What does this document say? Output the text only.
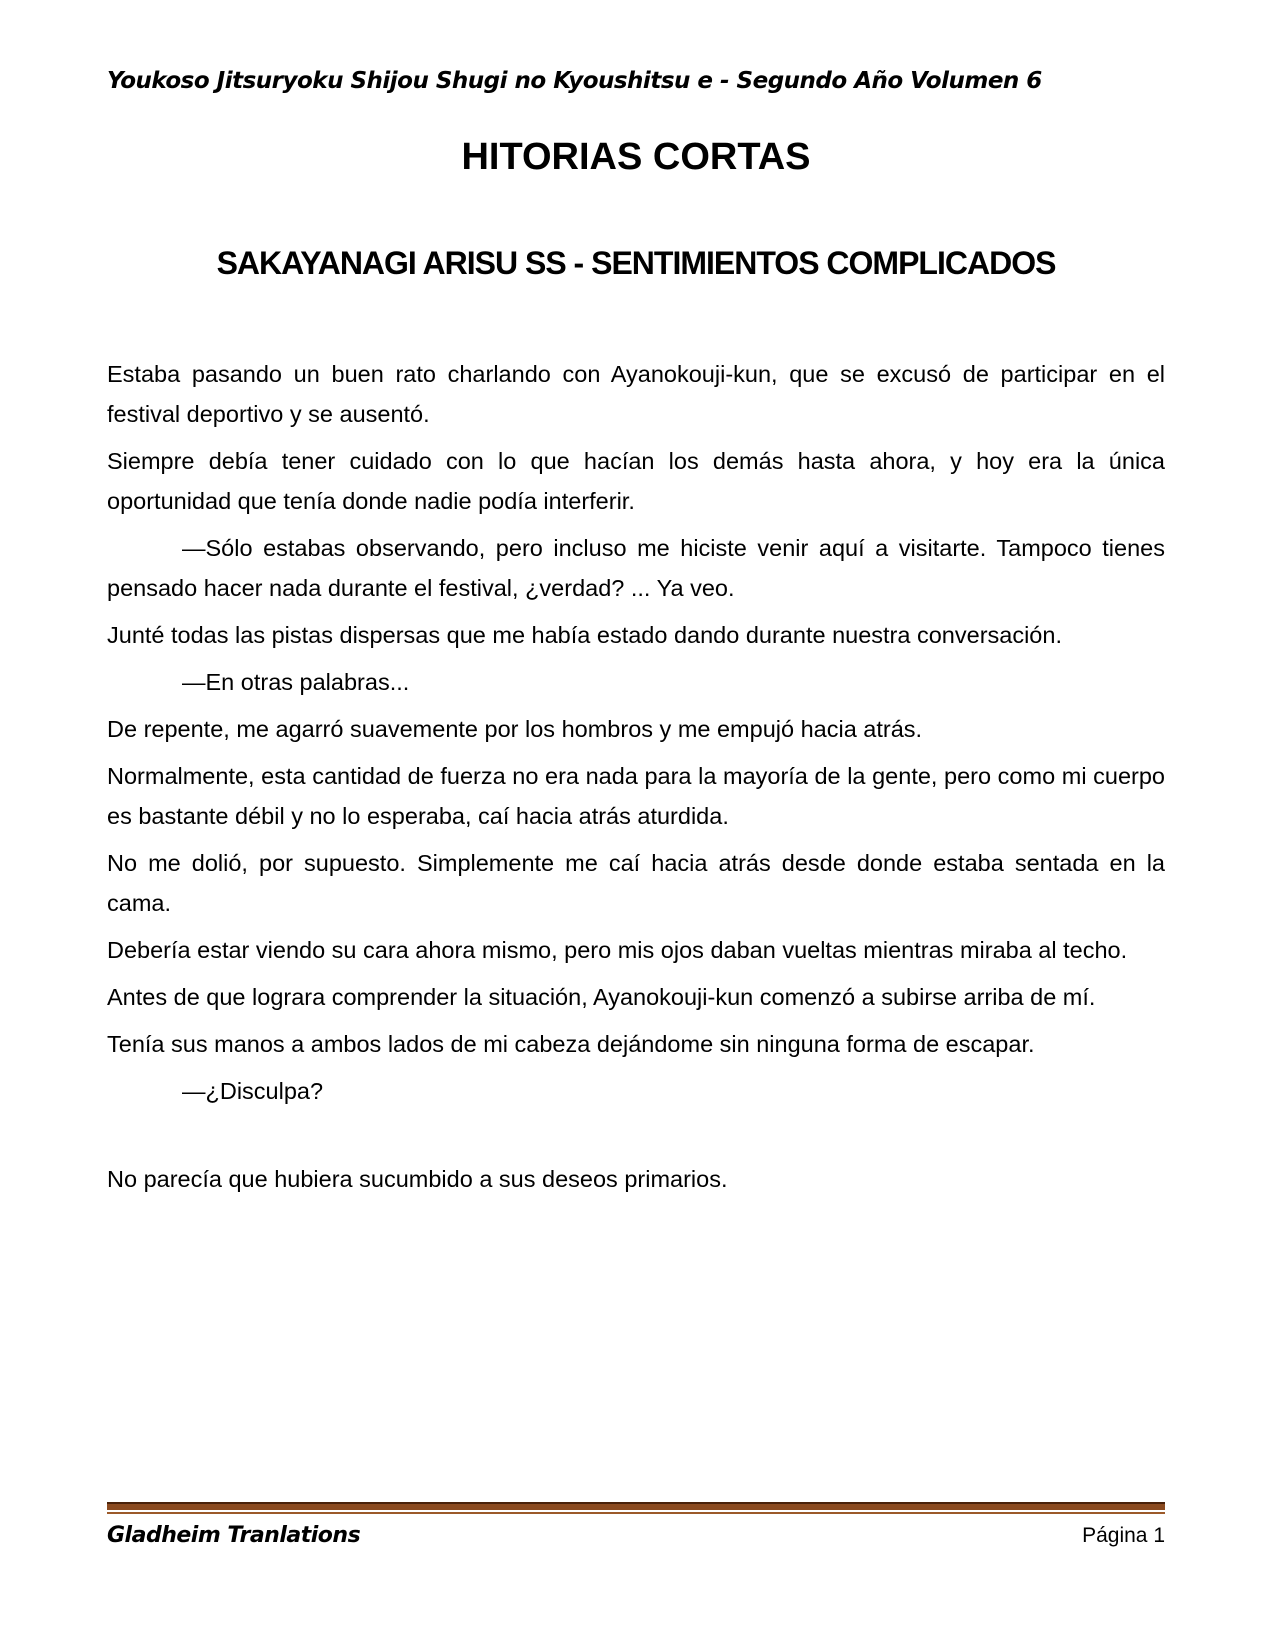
Youkoso Jitsuryoku Shijou Shugi no Kyoushitsu e - Segundo Año Volumen 6
HITORIAS CORTAS
SAKAYANAGI ARISU SS - SENTIMIENTOS COMPLICADOS

Estaba pasando un buen rato charlando con Ayanokouji-kun, que se excusó de participar en el festival deportivo y se ausentó.

Siempre debía tener cuidado con lo que hacían los demás hasta ahora, y hoy era la única oportunidad que tenía donde nadie podía interferir.

—Sólo estabas observando, pero incluso me hiciste venir aquí a visitarte. Tampoco tienes pensado hacer nada durante el festival, ¿verdad? ... Ya veo.

Junté todas las pistas dispersas que me había estado dando durante nuestra conversación.

—En otras palabras...

De repente, me agarró suavemente por los hombros y me empujó hacia atrás.

Normalmente, esta cantidad de fuerza no era nada para la mayoría de la gente, pero como mi cuerpo es bastante débil y no lo esperaba, caí hacia atrás aturdida.

No me dolió, por supuesto. Simplemente me caí hacia atrás desde donde estaba sentada en la cama.

Debería estar viendo su cara ahora mismo, pero mis ojos daban vueltas mientras miraba al techo.

Antes de que lograra comprender la situación, Ayanokouji-kun comenzó a subirse arriba de mí.

Tenía sus manos a ambos lados de mi cabeza dejándome sin ninguna forma de escapar.

—¿Disculpa?

No parecía que hubiera sucumbido a sus deseos primarios.

Gladheim Tranlations	Página 1
